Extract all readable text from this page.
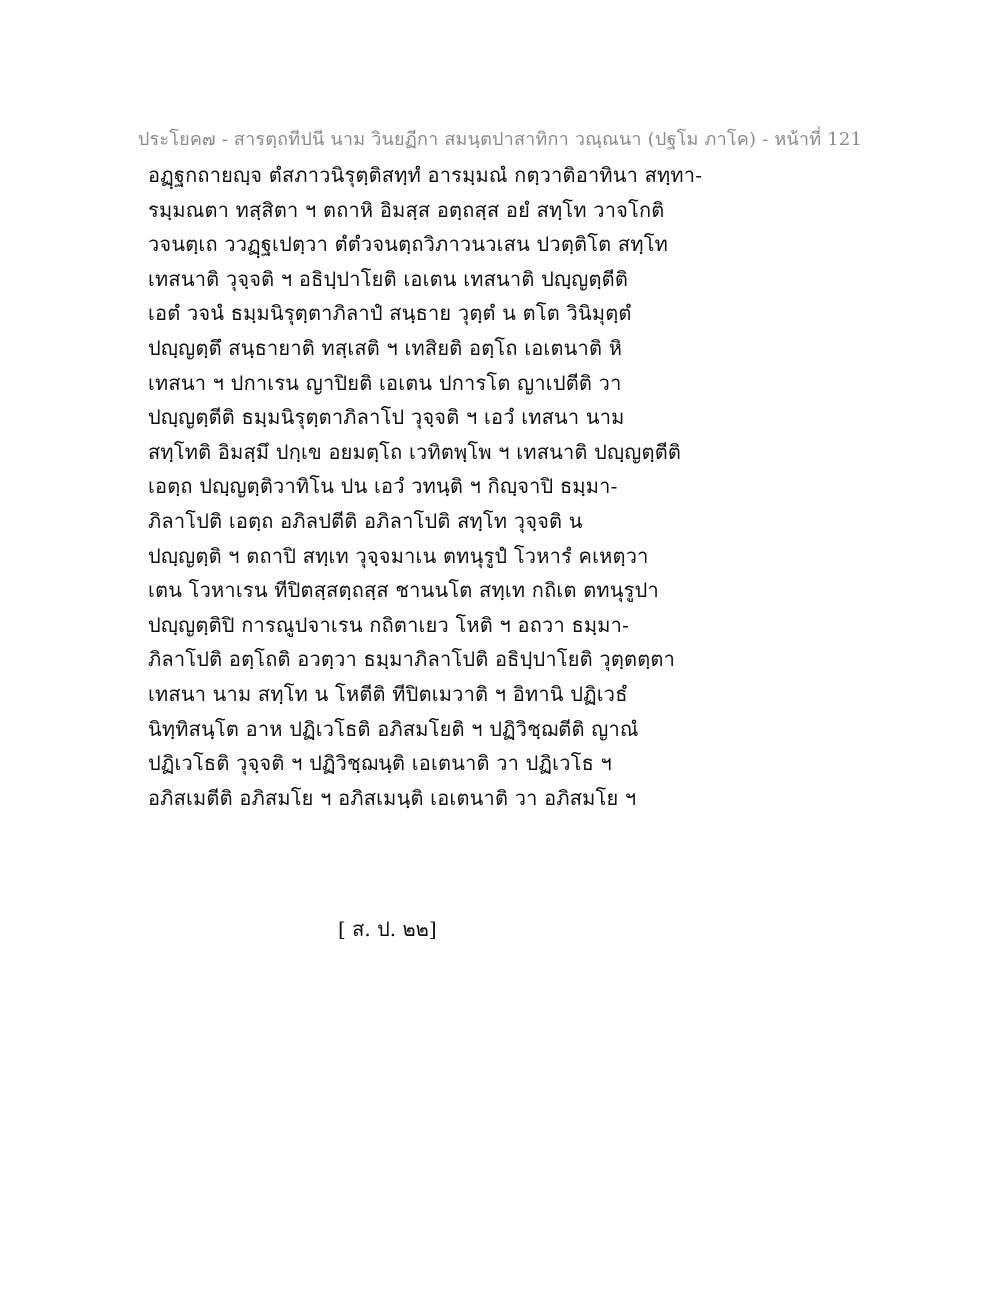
ประโยค๗ - สารตฺถทีปนี นาม วินยฏีกา สมนฺตปาสาทิกา วณฺณนา (ปฐโม ภาโค) - หน้าที่ 121
อฏฺฐกถายญฺจ ตํสภาวนิรุตฺติสทฺทํ อารมฺมณํ กตฺวาติอาทินา สทฺทา-
รมฺมณตา ทสฺสิตา ฯ ตถาหิ อิมสฺส อตฺถสฺส อยํ สทฺโท วาจโกติ
วจนตฺเถ ววฏฺฐเปตฺวา ตํตํวจนตฺถวิภาวนวเสน ปวตฺติโต สทฺโท
เทสนาติ วุจฺจติ ฯ อธิปฺปาโยติ เอเตน เทสนาติ ปญฺญตฺตีติ
เอตํ วจนํ ธมฺมนิรุตฺตาภิลาปํ สนฺธาย วุตฺตํ น ตโต วินิมุตฺตํ
ปญฺญตฺตึ สนฺธายาติ ทสฺเสติ ฯ เทสิยติ อตฺโถ เอเตนาติ หิ
เทสนา ฯ ปกาเรน ญาปิยติ เอเตน ปการโต ญาเปตีติ วา
ปญฺญตฺตีติ ธมฺมนิรุตฺตาภิลาโป วุจฺจติ ฯ เอวํ เทสนา นาม
สทฺโทติ อิมสฺมึ ปกฺเข อยมตฺโถ เวทิตพฺโพ ฯ เทสนาติ ปญฺญตฺตีติ
เอตฺถ ปญฺญตฺติวาทิโน ปน เอวํ วทนฺติ ฯ กิญฺจาปิ ธมฺมา-
ภิลาโปติ เอตฺถ อภิลปตีติ อภิลาโปติ สทฺโท วุจฺจติ น
ปญฺญตฺติ ฯ ตถาปิ สทฺเท วุจฺจมาเน ตทนุรูปํ โวหารํ คเหตฺวา
เตน โวหาเรน ทีปิตสฺสตฺถสฺส ชานนโต สทฺเท กถิเต ตทนุรูปา
ปญฺญตฺติปิ การณูปจาเรน กถิตาเยว โหติ ฯ อถวา ธมฺมา-
ภิลาโปติ อตฺโถติ อวตฺวา ธมฺมาภิลาโปติ อธิปฺปาโยติ วุตฺตตฺตา
เทสนา นาม สทฺโท น โหตีติ ทีปิตเมวาติ ฯ อิทานิ ปฏิเวธํ
นิทฺทิสนฺโต อาห ปฏิเวโธติ อภิสมโยติ ฯ ปฏิวิชฺฌตีติ ญาณํ
ปฏิเวโธติ วุจฺจติ ฯ ปฏิวิชฺฌนฺติ เอเตนาติ วา ปฏิเวโธ ฯ
อภิสเมตีติ อภิสมโย ฯ อภิสเมนฺติ เอเตนาติ วา อภิสมโย ฯ
[ ส. ป. ๒๒]
